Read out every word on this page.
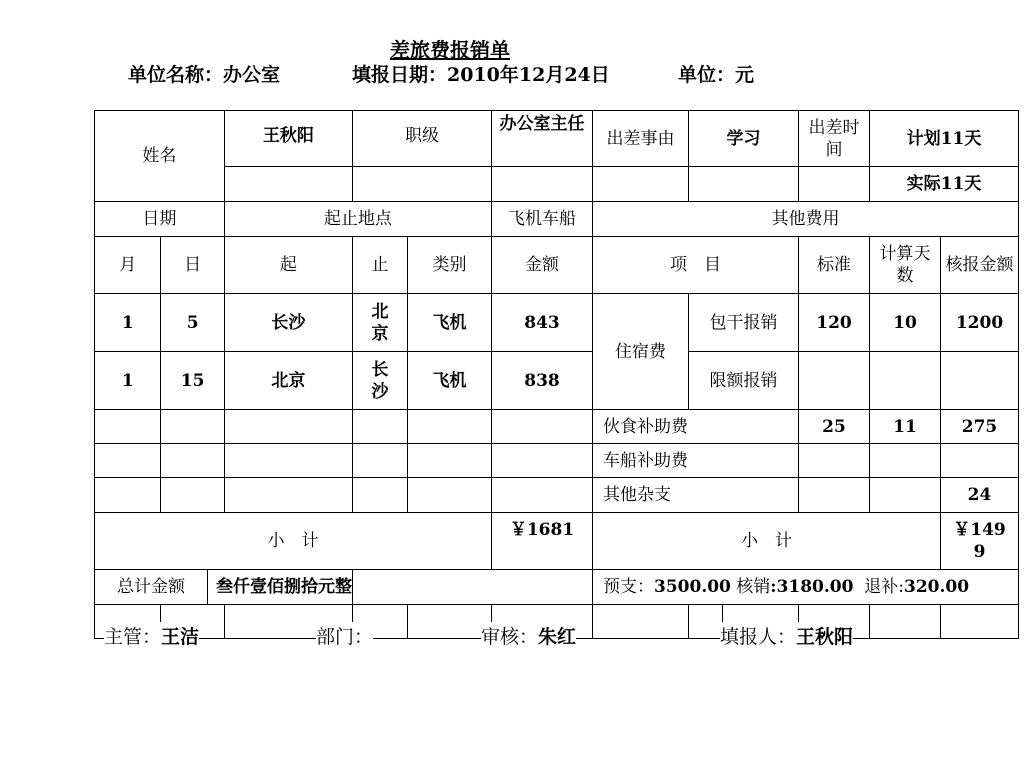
差旅费报销单
单位名称：办公室	填报日期：2010年12月24日	单位：元
姓名		王秋阳	职级		办公室主任	出差事由	学习		出差时间	计划11天	
										实际11天	
日期		起止地点			飞机车船	其他费用					
月	日	起	止	类别	金额	项　目			标准	计算天数	核报金额
1	5	长沙	北京	飞机	843	住宿费	包干报销		120	10	1200
1	15	北京	长沙	飞机	838		限额报销				
						伙食补助费			25	11	275
						车船补助费					
						其他杂支					24
小　计					￥1681	小　计					￥1499

总计金额 叁仟壹佰捌拾元整						预支：3500.00 核销:3180.00 退补:320.00					

主管：王洁	部门：	审核：朱红	填报人：王秋阳
